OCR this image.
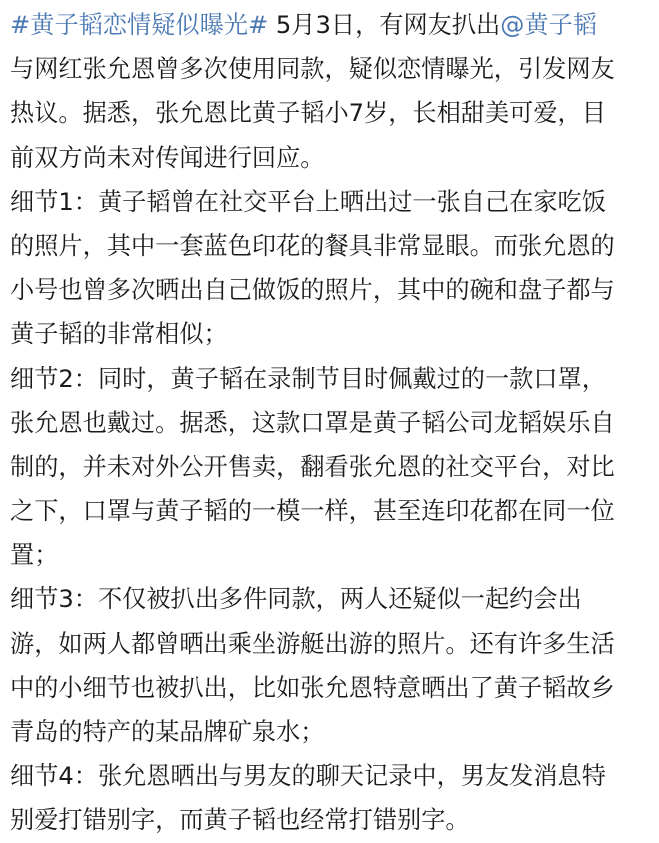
#黄子韬恋情疑似曝光# 5月3日，有网友扒出@黄子韬
与网红张允恩曾多次使用同款，疑似恋情曝光，引发网友
热议。据悉，张允恩比黄子韬小7岁，长相甜美可爱，目
前双方尚未对传闻进行回应。
细节1：黄子韬曾在社交平台上晒出过一张自己在家吃饭
的照片，其中一套蓝色印花的餐具非常显眼。而张允恩的
小号也曾多次晒出自己做饭的照片，其中的碗和盘子都与
黄子韬的非常相似；
细节2：同时，黄子韬在录制节目时佩戴过的一款口罩，
张允恩也戴过。据悉，这款口罩是黄子韬公司龙韬娱乐自
制的，并未对外公开售卖，翻看张允恩的社交平台，对比
之下，口罩与黄子韬的一模一样，甚至连印花都在同一位
置；
细节3：不仅被扒出多件同款，两人还疑似一起约会出
游，如两人都曾晒出乘坐游艇出游的照片。还有许多生活
中的小细节也被扒出，比如张允恩特意晒出了黄子韬故乡
青岛的特产的某品牌矿泉水；
细节4：张允恩晒出与男友的聊天记录中，男友发消息特
别爱打错别字，而黄子韬也经常打错别字。
